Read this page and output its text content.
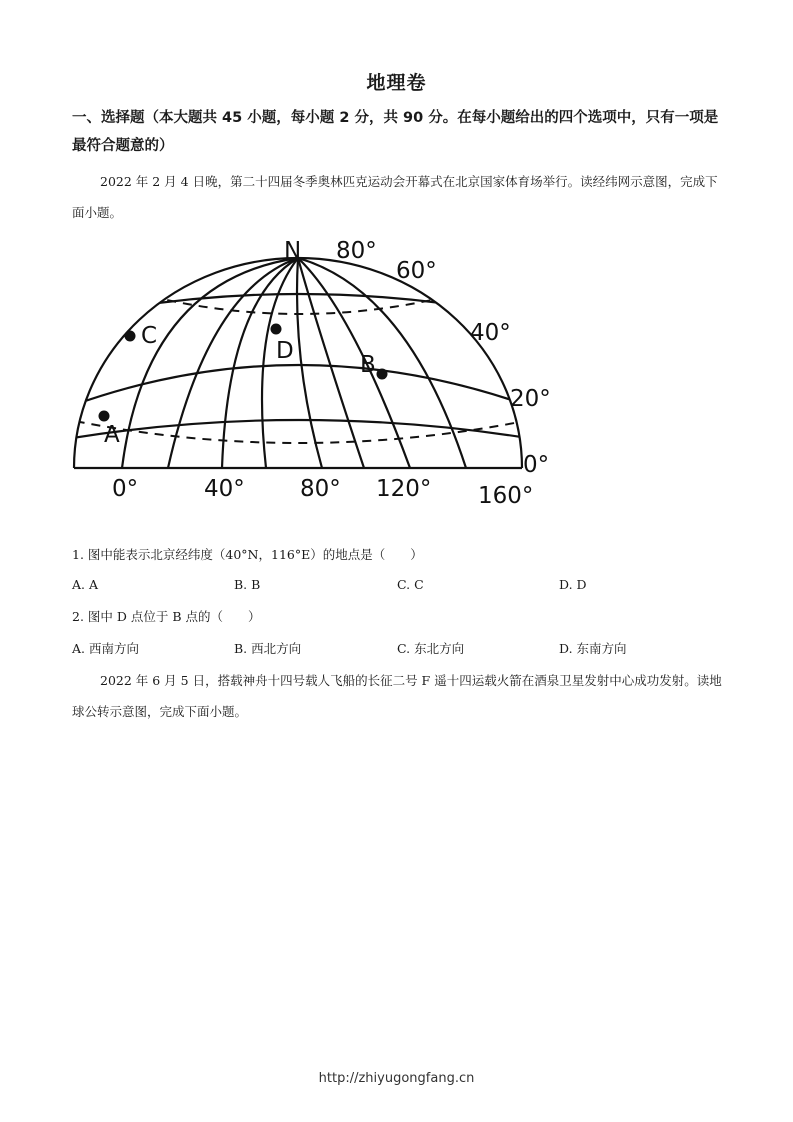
地理卷
一、选择题（本大题共 45 小题，每小题 2 分，共 90 分。在每小题给出的四个选项中，只有一项是最符合题意的）
2022 年 2 月 4 日晚，第二十四届冬季奥林匹克运动会开幕式在北京国家体育场举行。读经纬网示意图，完成下面小题。
C
D
B
A
N 80°
60°
40°
20°
0°
0°	40° 80° 120° 160°
1. 图中能表示北京经纬度（40°N，116°E）的地点是（　　）
A. A	B. B	C. C	D. D
2. 图中 D 点位于 B 点的（　　）
A. 西南方向	B. 西北方向	C. 东北方向	D. 东南方向
2022 年 6 月 5 日，搭载神舟十四号载人飞船的长征二号 F 遥十四运载火箭在酒泉卫星发射中心成功发射。读地球公转示意图，完成下面小题。
http://zhiyugongfang.cn
